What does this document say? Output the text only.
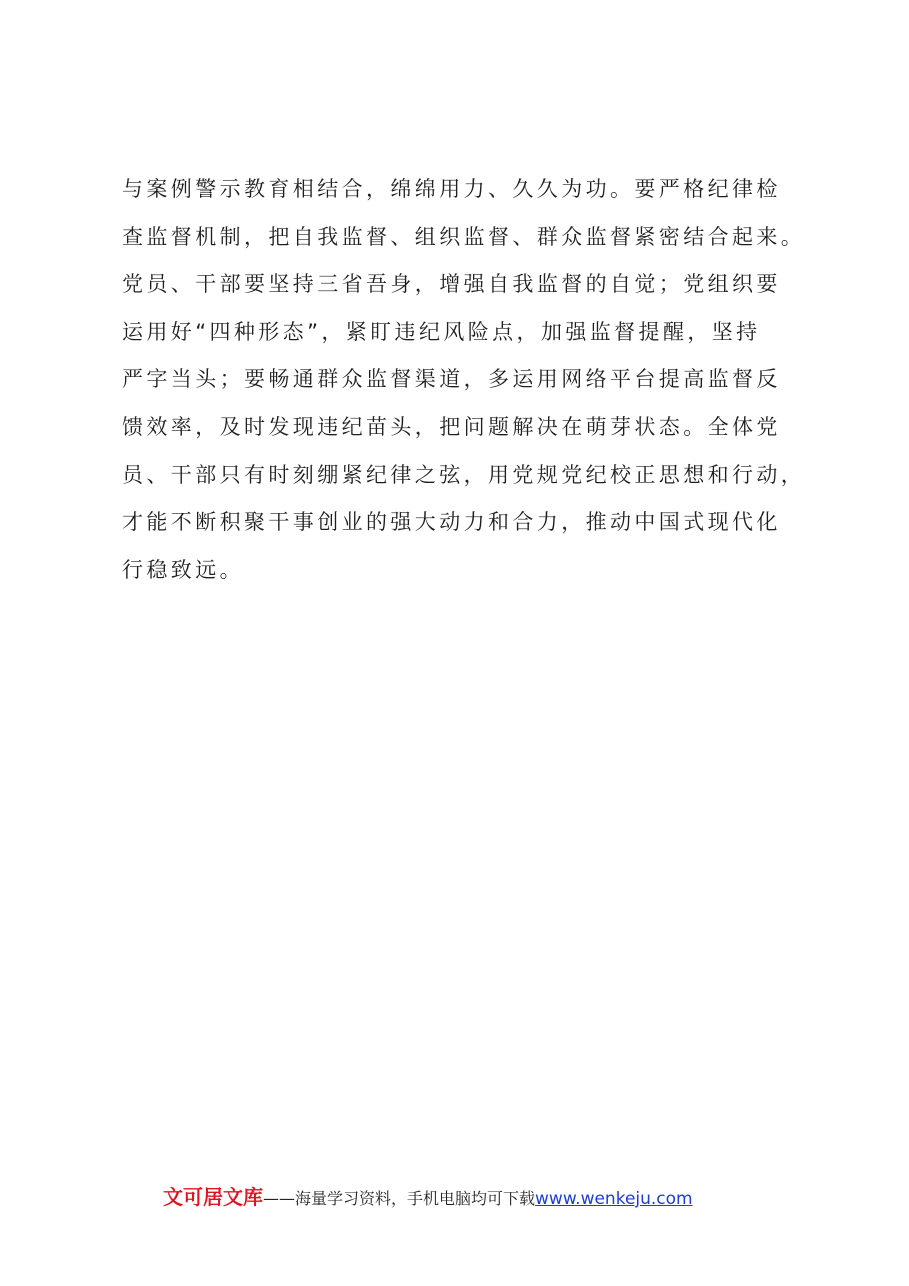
与案例警示教育相结合，绵绵用力、久久为功。要严格纪律检
查监督机制，把自我监督、组织监督、群众监督紧密结合起来。
党员、干部要坚持三省吾身，增强自我监督的自觉；党组织要
运用好“四种形态”，紧盯违纪风险点，加强监督提醒，坚持
严字当头；要畅通群众监督渠道，多运用网络平台提高监督反
馈效率，及时发现违纪苗头，把问题解决在萌芽状态。全体党
员、干部只有时刻绷紧纪律之弦，用党规党纪校正思想和行动，
才能不断积聚干事创业的强大动力和合力，推动中国式现代化
行稳致远。
文可居文库——海量学习资料，手机电脑均可下载www.wenkeju.com
